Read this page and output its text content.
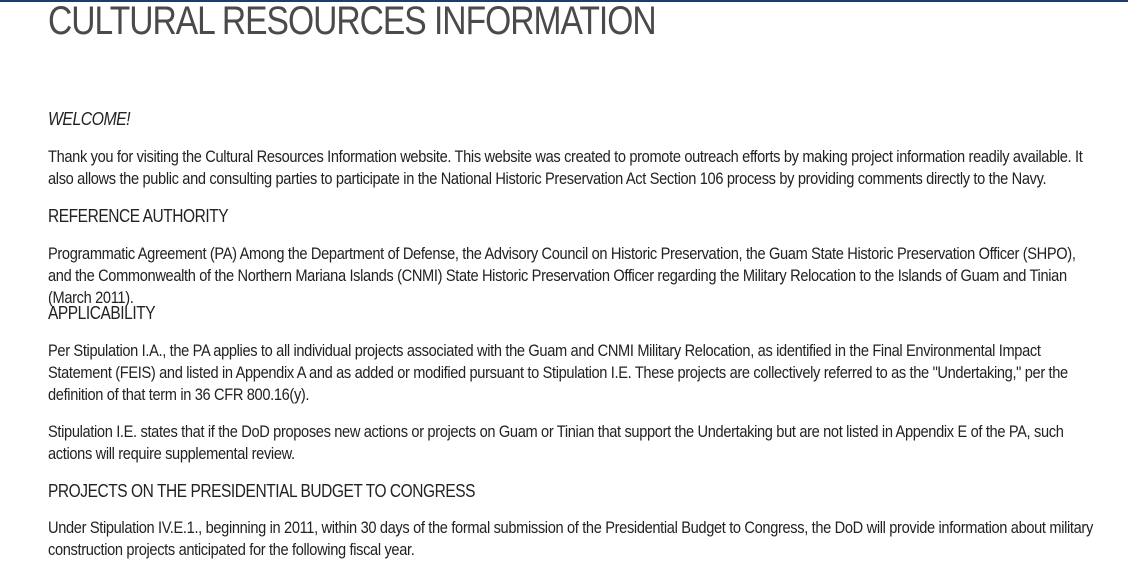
CULTURAL RESOURCES INFORMATION

WELCOME!

Thank you for visiting the Cultural Resources Information website. This website was created to promote outreach efforts by making project information readily available. It also allows the public and consulting parties to participate in the National Historic Preservation Act Section 106 process by providing comments directly to the Navy.

REFERENCE AUTHORITY

Programmatic Agreement (PA) Among the Department of Defense, the Advisory Council on Historic Preservation, the Guam State Historic Preservation Officer (SHPO), and the Commonwealth of the Northern Mariana Islands (CNMI) State Historic Preservation Officer regarding the Military Relocation to the Islands of Guam and Tinian (March 2011).

APPLICABILITY

Per Stipulation I.A., the PA applies to all individual projects associated with the Guam and CNMI Military Relocation, as identified in the Final Environmental Impact Statement (FEIS) and listed in Appendix A and as added or modified pursuant to Stipulation I.E. These projects are collectively referred to as the "Undertaking," per the definition of that term in 36 CFR 800.16(y).

Stipulation I.E. states that if the DoD proposes new actions or projects on Guam or Tinian that support the Undertaking but are not listed in Appendix E of the PA, such actions will require supplemental review.

PROJECTS ON THE PRESIDENTIAL BUDGET TO CONGRESS

Under Stipulation IV.E.1., beginning in 2011, within 30 days of the formal submission of the Presidential Budget to Congress, the DoD will provide information about military construction projects anticipated for the following fiscal year.
